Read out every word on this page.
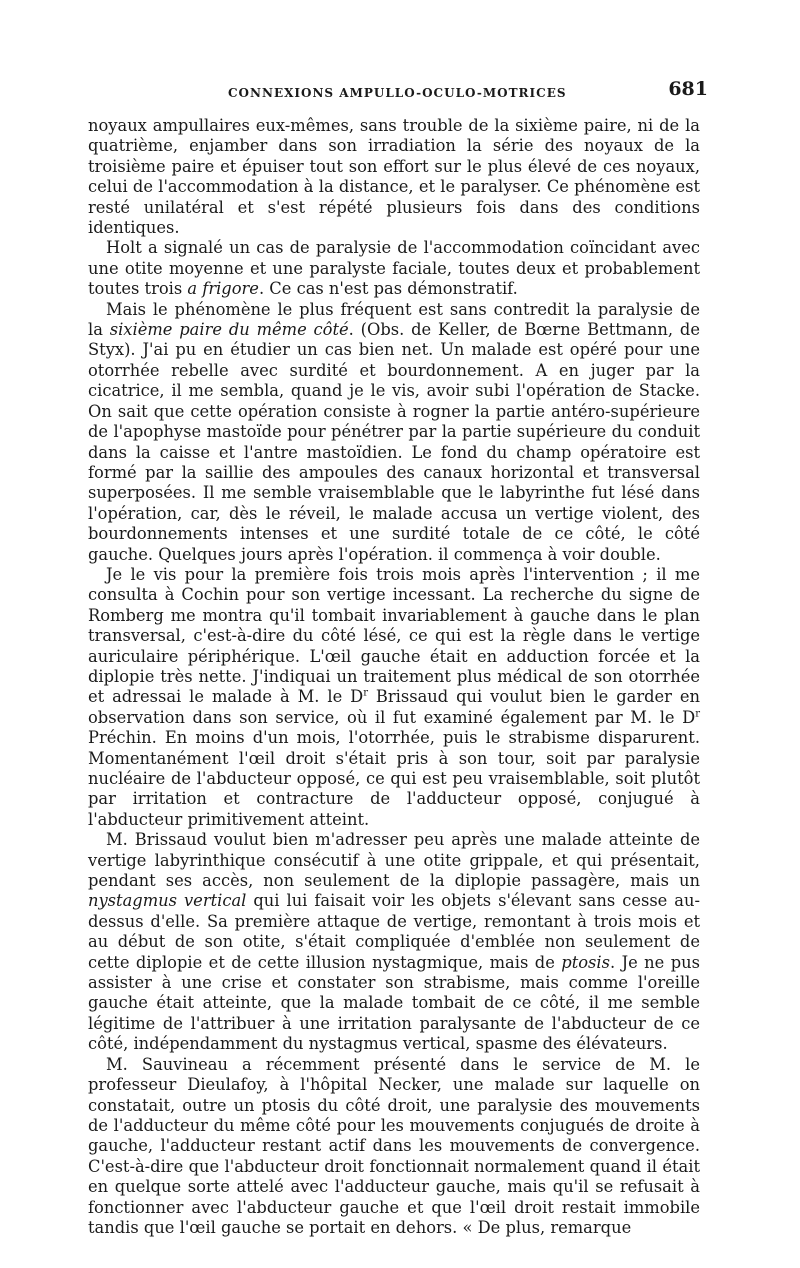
CONNEXIONS AMPULLO-OCULO-MOTRICES	681

noyaux ampullaires eux-mêmes, sans trouble de la sixième paire, ni de la quatrième, enjamber dans son irradiation la série des noyaux de la troisième paire et épuiser tout son effort sur le plus élevé de ces noyaux, celui de l'accommodation à la distance, et le paralyser. Ce phénomène est resté unilatéral et s'est répété plusieurs fois dans des conditions identiques.

Holt a signalé un cas de paralysie de l'accommodation coïncidant avec une otite moyenne et une paralyste faciale, toutes deux et probablement toutes trois a frigore. Ce cas n'est pas démonstratif.

Mais le phénomène le plus fréquent est sans contredit la paralysie de la sixième paire du même côté. (Obs. de Keller, de Bœrne Bettmann, de Styx). J'ai pu en étudier un cas bien net. Un malade est opéré pour une otorrhée rebelle avec surdité et bourdonnement. A en juger par la cicatrice, il me sembla, quand je le vis, avoir subi l'opération de Stacke. On sait que cette opération consiste à rogner la partie antéro-supérieure de l'apophyse mastoïde pour pénétrer par la partie supérieure du conduit dans la caisse et l'antre mastoïdien. Le fond du champ opératoire est formé par la saillie des ampoules des canaux horizontal et transversal superposées. Il me semble vraisemblable que le labyrinthe fut lésé dans l'opération, car, dès le réveil, le malade accusa un vertige violent, des bourdonnements intenses et une surdité totale de ce côté, le côté gauche. Quelques jours après l'opération. il commença à voir double.

Je le vis pour la première fois trois mois après l'intervention ; il me consulta à Cochin pour son vertige incessant. La recherche du signe de Romberg me montra qu'il tombait invariablement à gauche dans le plan transversal, c'est-à-dire du côté lésé, ce qui est la règle dans le vertige auriculaire périphérique. L'œil gauche était en adduction forcée et la diplopie très nette. J'indiquai un traitement plus médical de son otorrhée et adressai le malade à M. le $D^r$ Brissaud qui voulut bien le garder en observation dans son service, où il fut examiné également par M. le $D^r$ Préchin. En moins d'un mois, l'otorrhée, puis le strabisme disparurent. Momentanément l'œil droit s'était pris à son tour, soit par paralysie nucléaire de l'abducteur opposé, ce qui est peu vraisemblable, soit plutôt par irritation et contracture de l'adducteur opposé, conjugué à l'abducteur primitivement atteint.

M. Brissaud voulut bien m'adresser peu après une malade atteinte de vertige labyrinthique consécutif à une otite grippale, et qui présentait, pendant ses accès, non seulement de la diplopie passagère, mais un nystagmus vertical qui lui faisait voir les objets s'élevant sans cesse au-dessus d'elle. Sa première attaque de vertige, remontant à trois mois et au début de son otite, s'était compliquée d'emblée non seulement de cette diplopie et de cette illusion nystagmique, mais de ptosis. Je ne pus assister à une crise et constater son strabisme, mais comme l'oreille gauche était atteinte, que la malade tombait de ce côté, il me semble légitime de l'attribuer à une irritation paralysante de l'abducteur de ce côté, indépendamment du nystagmus vertical, spasme des élévateurs.

M. Sauvineau a récemment présenté dans le service de M. le professeur Dieulafoy, à l'hôpital Necker, une malade sur laquelle on constatait, outre un ptosis du côté droit, une paralysie des mouvements de l'adducteur du même côté pour les mouvements conjugués de droite à gauche, l'adducteur restant actif dans les mouvements de convergence. C'est-à-dire que l'abducteur droit fonctionnait normalement quand il était en quelque sorte attelé avec l'adducteur gauche, mais qu'il se refusait à fonctionner avec l'abducteur gauche et que l'œil droit restait immobile tandis que l'œil gauche se portait en dehors. « De plus, remarque
